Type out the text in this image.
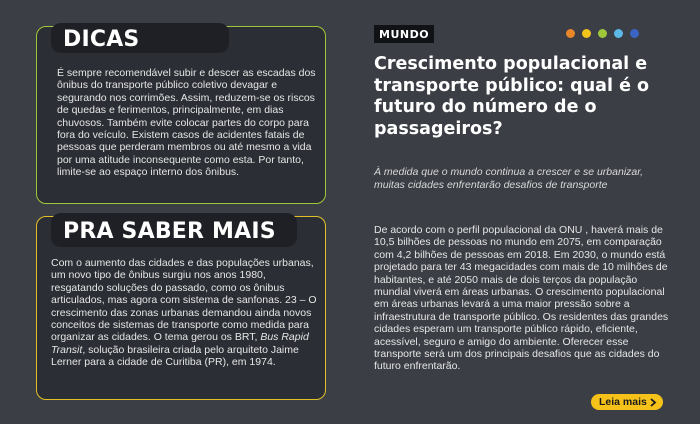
DICAS
É sempre recomendável subir e descer as escadas dos ônibus do transporte público coletivo devagar e segurando nos corrimões. Assim, reduzem-se os riscos de quedas e ferimentos, principalmente, em dias chuvosos. Também evite colocar partes do corpo para fora do veículo. Existem casos de acidentes fatais de pessoas que perderam membros ou até mesmo a vida por uma atitude inconsequente como esta. Por tanto, limite-se ao espaço interno dos ônibus.
PRA SABER MAIS
Com o aumento das cidades e das populações urbanas, um novo tipo de ônibus surgiu nos anos 1980, resgatando soluções do passado, como os ônibus articulados, mas agora com sistema de sanfonas. 23 – O crescimento das zonas urbanas demandou ainda novos conceitos de sistemas de transporte como medida para organizar as cidades. O tema gerou os BRT, Bus Rapid Transit, solução brasileira criada pelo arquiteto Jaime Lerner para a cidade de Curitiba (PR), em 1974.
MUNDO
Crescimento populacional e transporte público: qual é o futuro do número de o passageiros?

À medida que o mundo continua a crescer e se urbanizar, muitas cidades enfrentarão desafios de transporte

De acordo com o perfil populacional da ONU , haverá mais de 10,5 bilhões de pessoas no mundo em 2075, em comparação com 4,2 bilhões de pessoas em 2018. Em 2030, o mundo está projetado para ter 43 megacidades com mais de 10 milhões de habitantes, e até 2050 mais de dois terços da população mundial viverá em áreas urbanas. O crescimento populacional em áreas urbanas levará a uma maior pressão sobre a infraestrutura de transporte público. Os residentes das grandes cidades esperam um transporte público rápido, eficiente, acessível, seguro e amigo do ambiente. Oferecer esse transporte será um dos principais desafios que as cidades do futuro enfrentarão.

Leia mais
